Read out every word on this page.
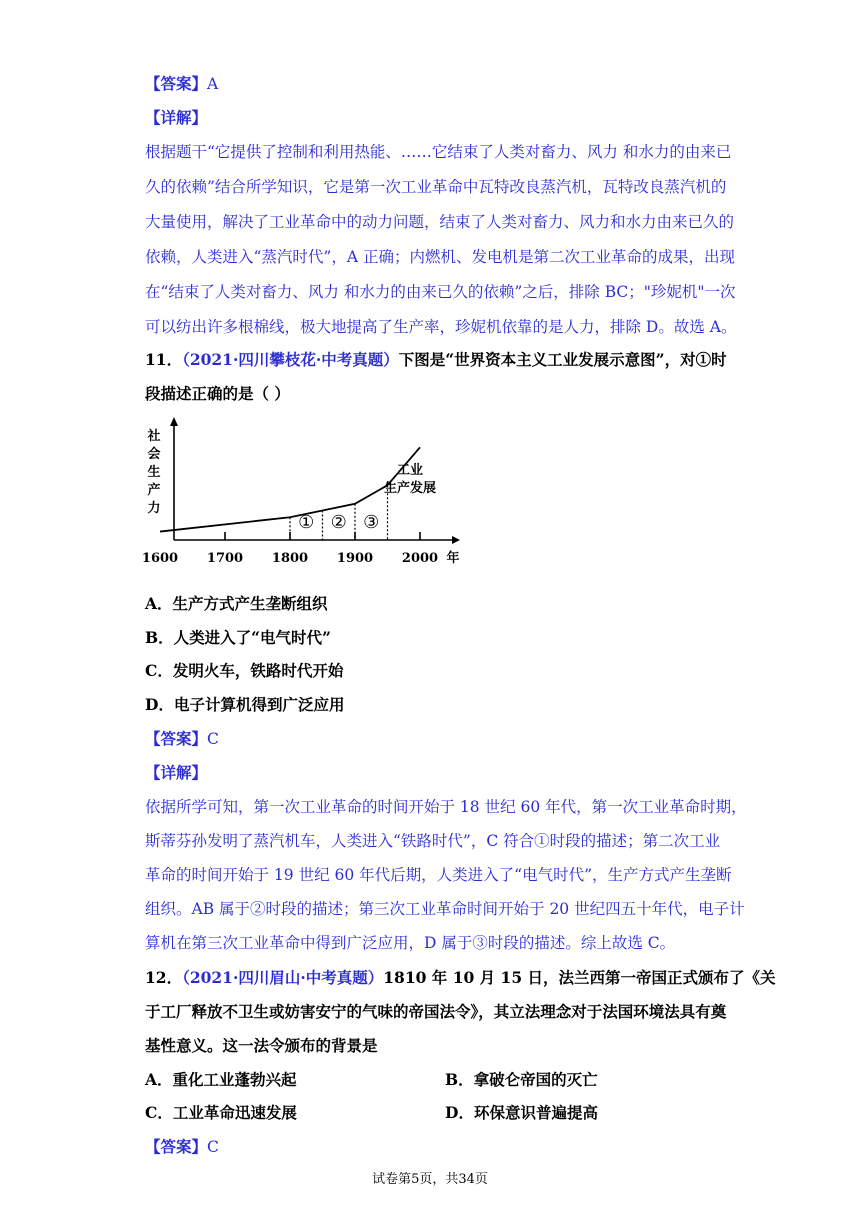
【答案】A
【详解】
根据题干“它提供了控制和利用热能、……它结束了人类对畜力、风力 和水力的由来已
久的依赖”结合所学知识，它是第一次工业革命中瓦特改良蒸汽机，瓦特改良蒸汽机的
大量使用，解决了工业革命中的动力问题，结束了人类对畜力、风力和水力由来已久的
依赖，人类进入“蒸汽时代”，A 正确；内燃机、发电机是第二次工业革命的成果，出现
在“结束了人类对畜力、风力 和水力的由来已久的依赖”之后，排除 BC；"珍妮机"一次
可以纺出许多根棉线，极大地提高了生产率，珍妮机依靠的是人力，排除 D。故选 A。
11．（2021·四川攀枝花·中考真题）下图是“世界资本主义工业发展示意图”，对①时
段描述正确的是（ ）
社
会
生
产
力
1600 1700 1800 1900 2000 年
① ② ③
工业
生产发展
A．生产方式产生垄断组织
B．人类进入了“电气时代”
C．发明火车，铁路时代开始
D．电子计算机得到广泛应用
【答案】C
【详解】
依据所学可知，第一次工业革命的时间开始于 18 世纪 60 年代，第一次工业革命时期，
斯蒂芬孙发明了蒸汽机车，人类进入“铁路时代”，C 符合①时段的描述；第二次工业
革命的时间开始于 19 世纪 60 年代后期，人类进入了“电气时代”，生产方式产生垄断
组织。AB 属于②时段的描述；第三次工业革命时间开始于 20 世纪四五十年代，电子计
算机在第三次工业革命中得到广泛应用，D 属于③时段的描述。综上故选 C。
12．（2021·四川眉山·中考真题）1810 年 10 月 15 日，法兰西第一帝国正式颁布了《关
于工厂释放不卫生或妨害安宁的气味的帝国法令》，其立法理念对于法国环境法具有奠
基性意义。这一法令颁布的背景是
A．重化工业蓬勃兴起	B．拿破仑帝国的灭亡
C．工业革命迅速发展	D．环保意识普遍提高
【答案】C
试卷第5页，共34页
